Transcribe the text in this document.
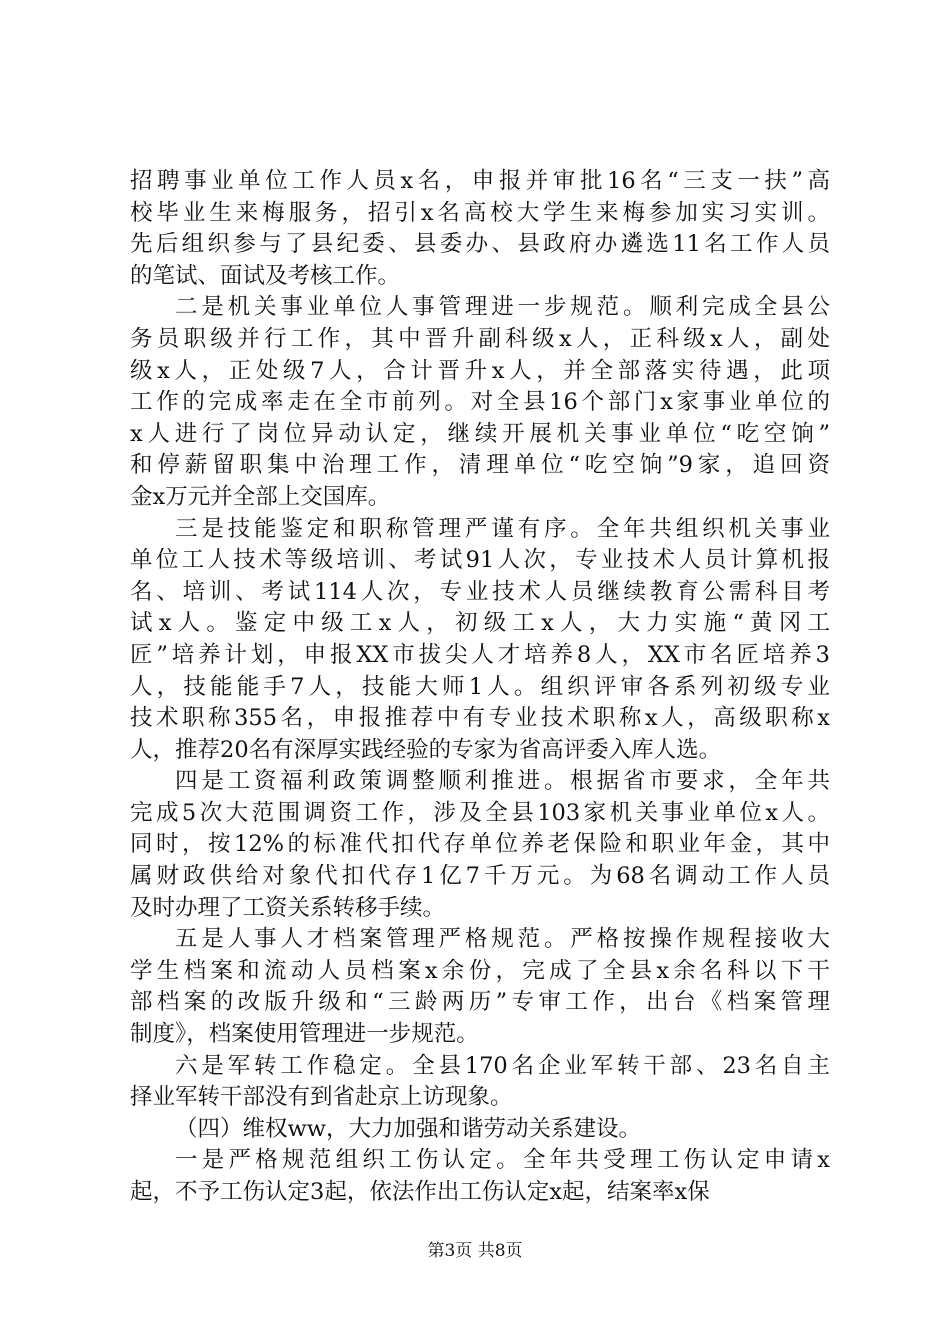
招聘事业单位工作人员x名，申报并审批16名“三支一扶”高
校毕业生来梅服务，招引x名高校大学生来梅参加实习实训。
先后组织参与了县纪委、县委办、县政府办遴选11名工作人员
的笔试、面试及考核工作。
二是机关事业单位人事管理进一步规范。顺利完成全县公
务员职级并行工作，其中晋升副科级x人，正科级x人，副处
级x人，正处级7人，合计晋升x人，并全部落实待遇，此项
工作的完成率走在全市前列。对全县16个部门x家事业单位的
x人进行了岗位异动认定，继续开展机关事业单位“吃空饷”
和停薪留职集中治理工作，清理单位“吃空饷”9家，追回资
金x万元并全部上交国库。
三是技能鉴定和职称管理严谨有序。全年共组织机关事业
单位工人技术等级培训、考试91人次，专业技术人员计算机报
名、培训、考试114人次，专业技术人员继续教育公需科目考
试x人。鉴定中级工x人，初级工x人，大力实施“黄冈工
匠”培养计划，申报XX市拔尖人才培养8人，XX市名匠培养3
人，技能能手7人，技能大师1人。组织评审各系列初级专业
技术职称355名，申报推荐中有专业技术职称x人，高级职称x
人，推荐20名有深厚实践经验的专家为省高评委入库人选。
四是工资福利政策调整顺利推进。根据省市要求，全年共
完成5次大范围调资工作，涉及全县103家机关事业单位x人。
同时，按12%的标准代扣代存单位养老保险和职业年金，其中
属财政供给对象代扣代存1亿7千万元。为68名调动工作人员
及时办理了工资关系转移手续。
五是人事人才档案管理严格规范。严格按操作规程接收大
学生档案和流动人员档案x余份，完成了全县x余名科以下干
部档案的改版升级和“三龄两历”专审工作，出台《档案管理
制度》，档案使用管理进一步规范。
六是军转工作稳定。全县170名企业军转干部、23名自主
择业军转干部没有到省赴京上访现象。
（四）维权ww，大力加强和谐劳动关系建设。
一是严格规范组织工伤认定。全年共受理工伤认定申请x
起，不予工伤认定3起，依法作出工伤认定x起，结案率x保
第3页 共8页
